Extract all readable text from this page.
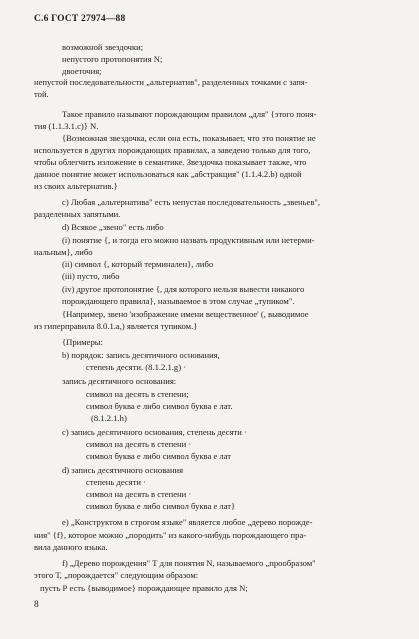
С.6 ГОСТ 27974—88
возможной звездочки;
непустого протопонятия N;
двоеточия;
непустой последовательности „альтернатив", разделенных точками с запя-
той.
Такое правило называют порождающим правилом „для" {этого поня-
тия (1.1.3.1.c)} N.
{Возможная звездочка, если она есть, показывает, что это понятие не
используется в других порождающих правилах, а заведено только для того,
чтобы облегчить изложение в семантике. Звездочка показывает также, что
данное понятие может использоваться как „абстракция" (1.1.4.2.b) одной
из своих альтернатив.}
с) Любая „альтернатива" есть непустая последовательность „звеньев",
разделенных запятыми.
d) Всякое „звено" есть либо
(i) понятие {, и тогда его можно назвать продуктивным или нетерми-
нальным}, либо
(ii) символ {, который терминален}, либо
(iii) пусто, либо
(iv) другое протопонятие {, для которого нельзя вывести никакого
порождающего правила}, называемое в этом случае „тупиком".
{Например, звено 'изображение имени вещественное' (, выводимое
из гиперправила 8.0.1.a,) является тупиком.}
{Примеры:
b) порядок: запись десятичного основания,
степень десяти. (8.1.2.1.g) ·
запись десятичного основания:
символ на десять в степени;
символ буква е либо символ буква е лат.
(8.1.2.1.h)
c) запись десятичного основания, степень десяти ·
символ на десять в степени ·
символ буква е либо символ буква е лат
d) запись десятичного основания
степень десяти ·
символ на десять в степени ·
символ буква е либо символ буква е лат}
е) „Конструктом в строгом языке" является любое „дерево порожде-
ния" {f}, которое можно „породить" из какого-нибудь порождающего пра-
вила данного языка.
f) „Дерево порождения" Т для понятия N, называемого „прообразом"
этого Т, „порождается" следующим образом:
пусть Р есть {выводимое} порождающее правило для N;
8
